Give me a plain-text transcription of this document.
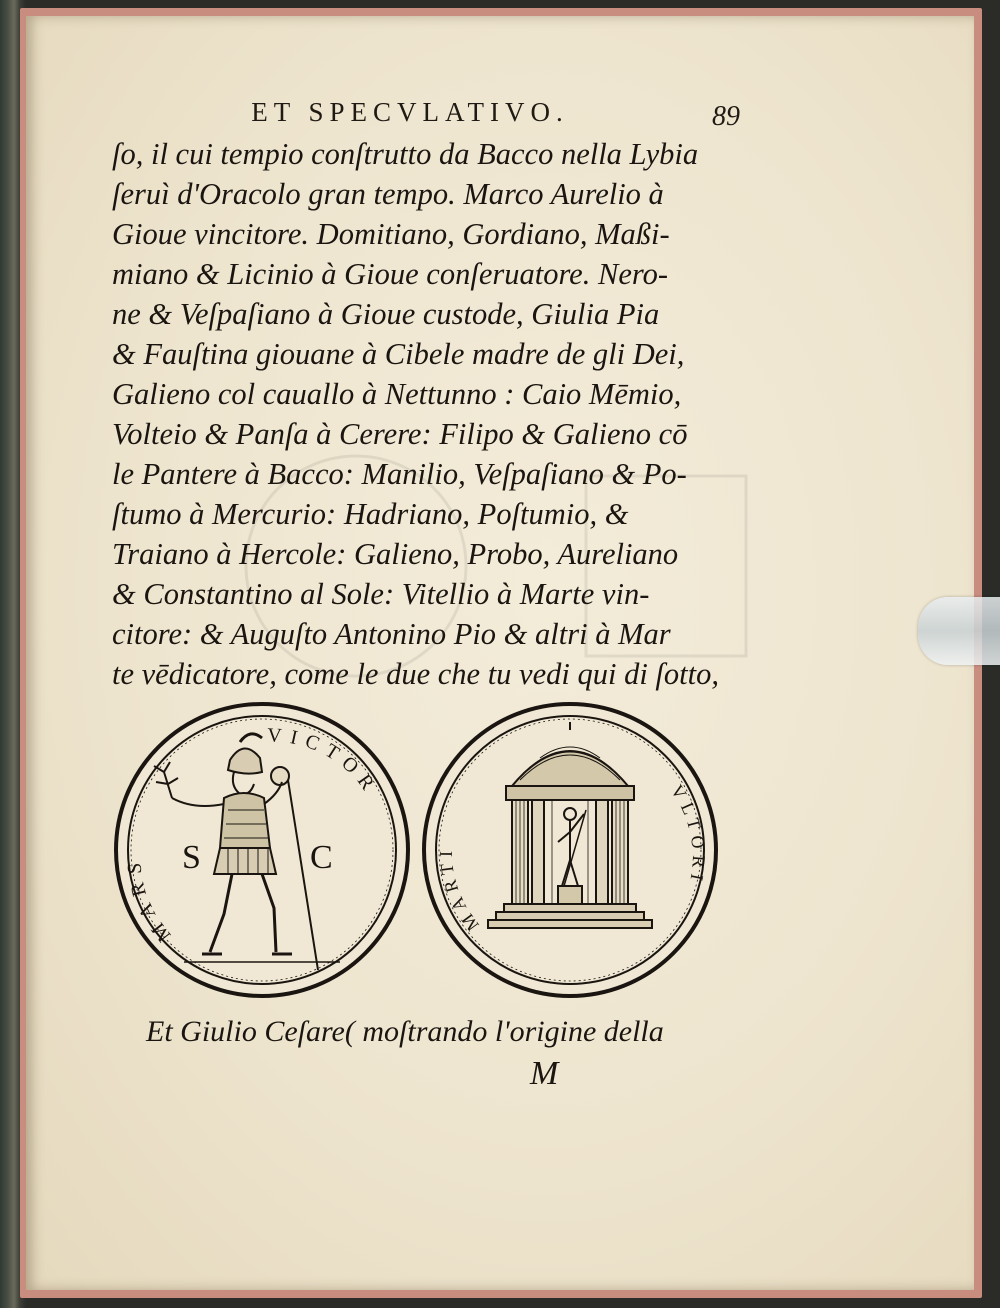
ET SPECVLATIVO.	89
ſo, il cui tempio conſtrutto da Bacco nella Lybia
ſeruì d'Oracolo gran tempo. Marco Aurelio à
Gioue vincitore. Domitiano, Gordiano, Maßi-
miano & Licinio à Gioue conſeruatore. Nero-
ne & Veſpaſiano à Gioue custode, Giulia Pia
& Fauſtina giouane à Cibele madre de gli Dei,
Galieno col cauallo à Nettunno : Caio Mēmio,
Volteio & Panſa à Cerere: Filipo & Galieno cō
le Pantere à Bacco: Manilio, Veſpaſiano & Po-
ſtumo à Mercurio: Hadriano, Poſtumio, &
Traiano à Hercole: Galieno, Probo, Aureliano
& Constantino al Sole: Vitellio à Marte vin-
citore: & Auguſto Antonino Pio & altri à Mar
te vēdicatore, come le due che tu vedi qui di ſotto,
MARS
VICTOR
S	C
MARTI
VLTORI
Et Giulio Ceſare( moſtrando l'origine della
M
